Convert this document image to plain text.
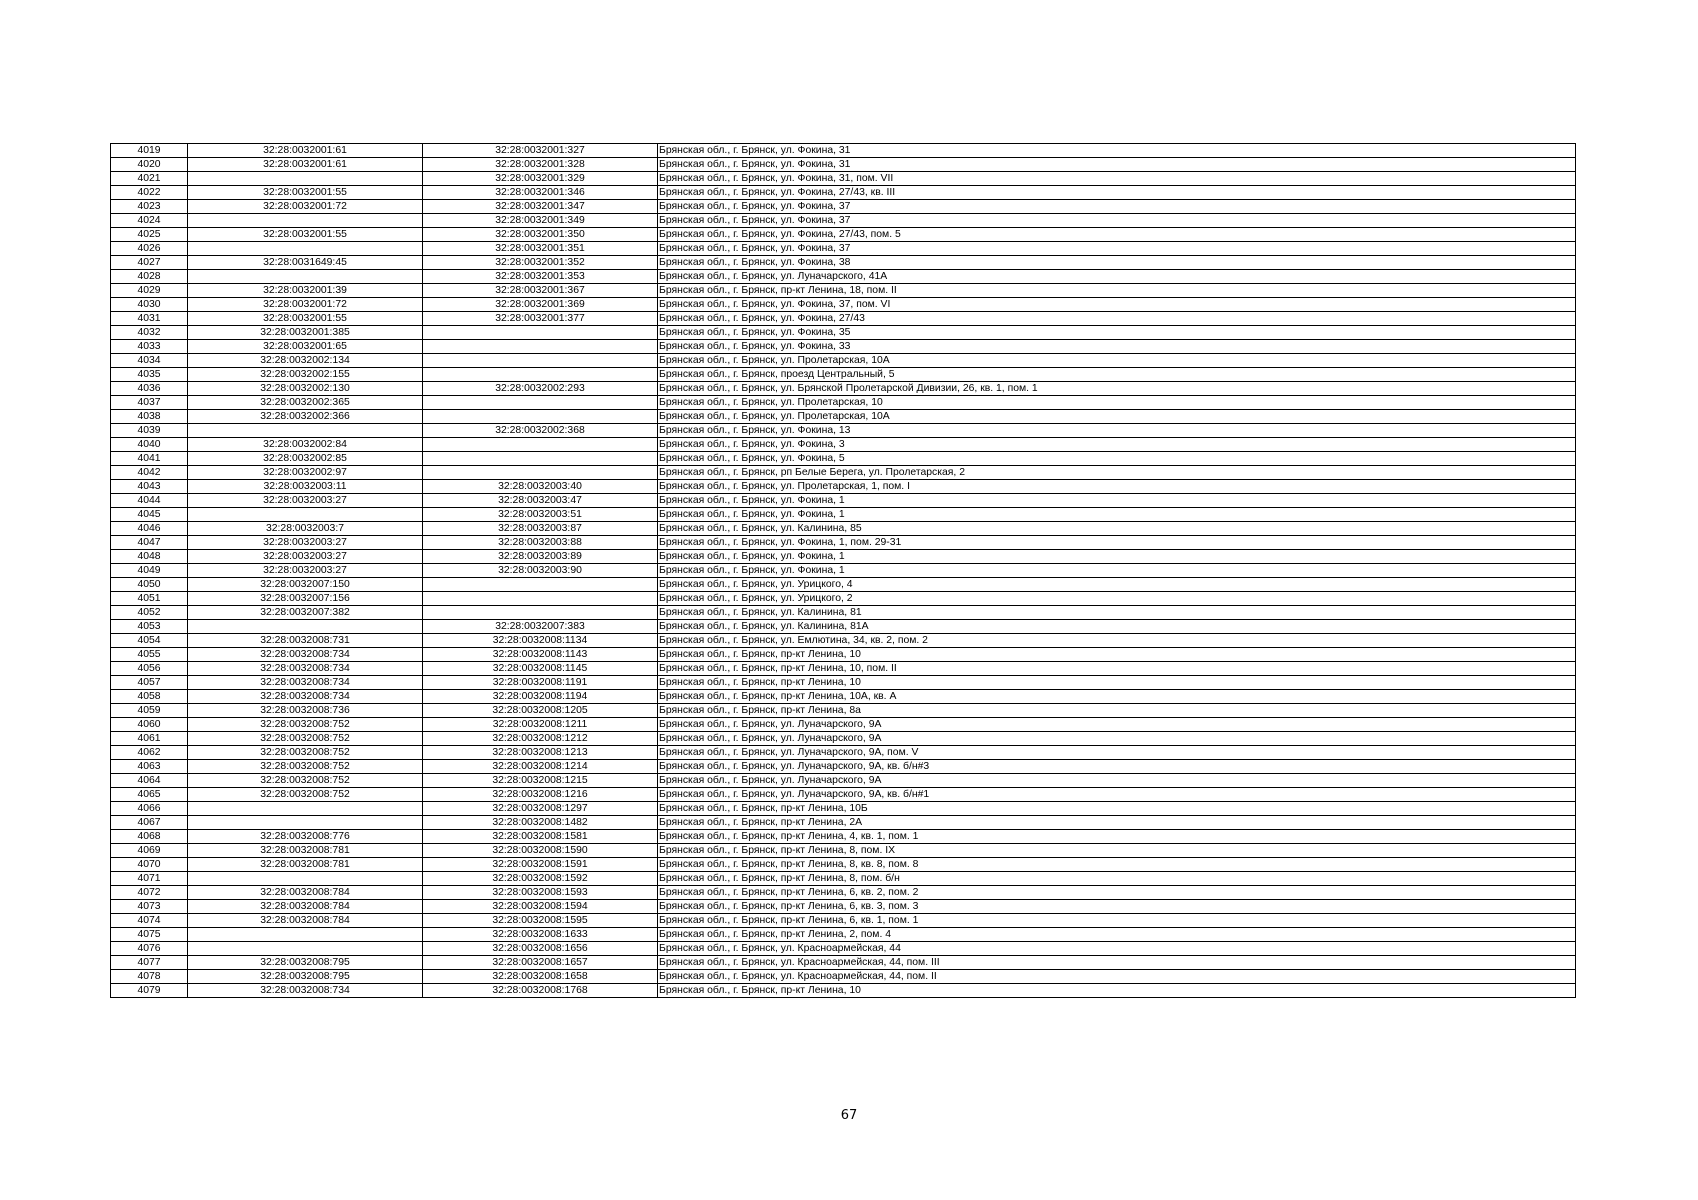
4019	32:28:0032001:61	32:28:0032001:327	Брянская обл., г. Брянск, ул. Фокина, 31
4020	32:28:0032001:61	32:28:0032001:328	Брянская обл., г. Брянск, ул. Фокина, 31
4021		32:28:0032001:329	Брянская обл., г. Брянск, ул. Фокина, 31, пом. VII
4022	32:28:0032001:55	32:28:0032001:346	Брянская обл., г. Брянск, ул. Фокина, 27/43, кв. III
4023	32:28:0032001:72	32:28:0032001:347	Брянская обл., г. Брянск, ул. Фокина, 37
4024		32:28:0032001:349	Брянская обл., г. Брянск, ул. Фокина, 37
4025	32:28:0032001:55	32:28:0032001:350	Брянская обл., г. Брянск, ул. Фокина, 27/43, пом. 5
4026		32:28:0032001:351	Брянская обл., г. Брянск, ул. Фокина, 37
4027	32:28:0031649:45	32:28:0032001:352	Брянская обл., г. Брянск, ул. Фокина, 38
4028		32:28:0032001:353	Брянская обл., г. Брянск, ул. Луначарского, 41А
4029	32:28:0032001:39	32:28:0032001:367	Брянская обл., г. Брянск, пр-кт Ленина, 18, пом. II
4030	32:28:0032001:72	32:28:0032001:369	Брянская обл., г. Брянск, ул. Фокина, 37, пом. VI
4031	32:28:0032001:55	32:28:0032001:377	Брянская обл., г. Брянск, ул. Фокина, 27/43
4032	32:28:0032001:385		Брянская обл., г. Брянск, ул. Фокина, 35
4033	32:28:0032001:65		Брянская обл., г. Брянск, ул. Фокина, 33
4034	32:28:0032002:134		Брянская обл., г. Брянск, ул. Пролетарская, 10А
4035	32:28:0032002:155		Брянская обл., г. Брянск, проезд Центральный, 5
4036	32:28:0032002:130	32:28:0032002:293	Брянская обл., г. Брянск, ул. Брянской Пролетарской Дивизии, 26, кв. 1, пом. 1
4037	32:28:0032002:365		Брянская обл., г. Брянск, ул. Пролетарская, 10
4038	32:28:0032002:366		Брянская обл., г. Брянск, ул. Пролетарская, 10А
4039		32:28:0032002:368	Брянская обл., г. Брянск, ул. Фокина, 13
4040	32:28:0032002:84		Брянская обл., г. Брянск, ул. Фокина, 3
4041	32:28:0032002:85		Брянская обл., г. Брянск, ул. Фокина, 5
4042	32:28:0032002:97		Брянская обл., г. Брянск, рп Белые Берега, ул. Пролетарская, 2
4043	32:28:0032003:11	32:28:0032003:40	Брянская обл., г. Брянск, ул. Пролетарская, 1, пом. I
4044	32:28:0032003:27	32:28:0032003:47	Брянская обл., г. Брянск, ул. Фокина, 1
4045		32:28:0032003:51	Брянская обл., г. Брянск, ул. Фокина, 1
4046	32:28:0032003:7	32:28:0032003:87	Брянская обл., г. Брянск, ул. Калинина, 85
4047	32:28:0032003:27	32:28:0032003:88	Брянская обл., г. Брянск, ул. Фокина, 1, пом. 29-31
4048	32:28:0032003:27	32:28:0032003:89	Брянская обл., г. Брянск, ул. Фокина, 1
4049	32:28:0032003:27	32:28:0032003:90	Брянская обл., г. Брянск, ул. Фокина, 1
4050	32:28:0032007:150		Брянская обл., г. Брянск, ул. Урицкого, 4
4051	32:28:0032007:156		Брянская обл., г. Брянск, ул. Урицкого, 2
4052	32:28:0032007:382		Брянская обл., г. Брянск, ул. Калинина, 81
4053		32:28:0032007:383	Брянская обл., г. Брянск, ул. Калинина, 81А
4054	32:28:0032008:731	32:28:0032008:1134	Брянская обл., г. Брянск, ул. Емлютина, 34, кв. 2, пом. 2
4055	32:28:0032008:734	32:28:0032008:1143	Брянская обл., г. Брянск, пр-кт Ленина, 10
4056	32:28:0032008:734	32:28:0032008:1145	Брянская обл., г. Брянск, пр-кт Ленина, 10, пом. II
4057	32:28:0032008:734	32:28:0032008:1191	Брянская обл., г. Брянск, пр-кт Ленина, 10
4058	32:28:0032008:734	32:28:0032008:1194	Брянская обл., г. Брянск, пр-кт Ленина, 10А, кв. А
4059	32:28:0032008:736	32:28:0032008:1205	Брянская обл., г. Брянск, пр-кт Ленина, 8а
4060	32:28:0032008:752	32:28:0032008:1211	Брянская обл., г. Брянск, ул. Луначарского, 9А
4061	32:28:0032008:752	32:28:0032008:1212	Брянская обл., г. Брянск, ул. Луначарского, 9А
4062	32:28:0032008:752	32:28:0032008:1213	Брянская обл., г. Брянск, ул. Луначарского, 9А, пом. V
4063	32:28:0032008:752	32:28:0032008:1214	Брянская обл., г. Брянск, ул. Луначарского, 9А, кв. б/н#3
4064	32:28:0032008:752	32:28:0032008:1215	Брянская обл., г. Брянск, ул. Луначарского, 9А
4065	32:28:0032008:752	32:28:0032008:1216	Брянская обл., г. Брянск, ул. Луначарского, 9А, кв. б/н#1
4066		32:28:0032008:1297	Брянская обл., г. Брянск, пр-кт Ленина, 10Б
4067		32:28:0032008:1482	Брянская обл., г. Брянск, пр-кт Ленина, 2А
4068	32:28:0032008:776	32:28:0032008:1581	Брянская обл., г. Брянск, пр-кт Ленина, 4, кв. 1, пом. 1
4069	32:28:0032008:781	32:28:0032008:1590	Брянская обл., г. Брянск, пр-кт Ленина, 8, пом. IX
4070	32:28:0032008:781	32:28:0032008:1591	Брянская обл., г. Брянск, пр-кт Ленина, 8, кв. 8, пом. 8
4071		32:28:0032008:1592	Брянская обл., г. Брянск, пр-кт Ленина, 8, пом. б/н
4072	32:28:0032008:784	32:28:0032008:1593	Брянская обл., г. Брянск, пр-кт Ленина, 6, кв. 2, пом. 2
4073	32:28:0032008:784	32:28:0032008:1594	Брянская обл., г. Брянск, пр-кт Ленина, 6, кв. 3, пом. 3
4074	32:28:0032008:784	32:28:0032008:1595	Брянская обл., г. Брянск, пр-кт Ленина, 6, кв. 1, пом. 1
4075		32:28:0032008:1633	Брянская обл., г. Брянск, пр-кт Ленина, 2, пом. 4
4076		32:28:0032008:1656	Брянская обл., г. Брянск, ул. Красноармейская, 44
4077	32:28:0032008:795	32:28:0032008:1657	Брянская обл., г. Брянск, ул. Красноармейская, 44, пом. III
4078	32:28:0032008:795	32:28:0032008:1658	Брянская обл., г. Брянск, ул. Красноармейская, 44, пом. II
4079	32:28:0032008:734	32:28:0032008:1768	Брянская обл., г. Брянск, пр-кт Ленина, 10
67
